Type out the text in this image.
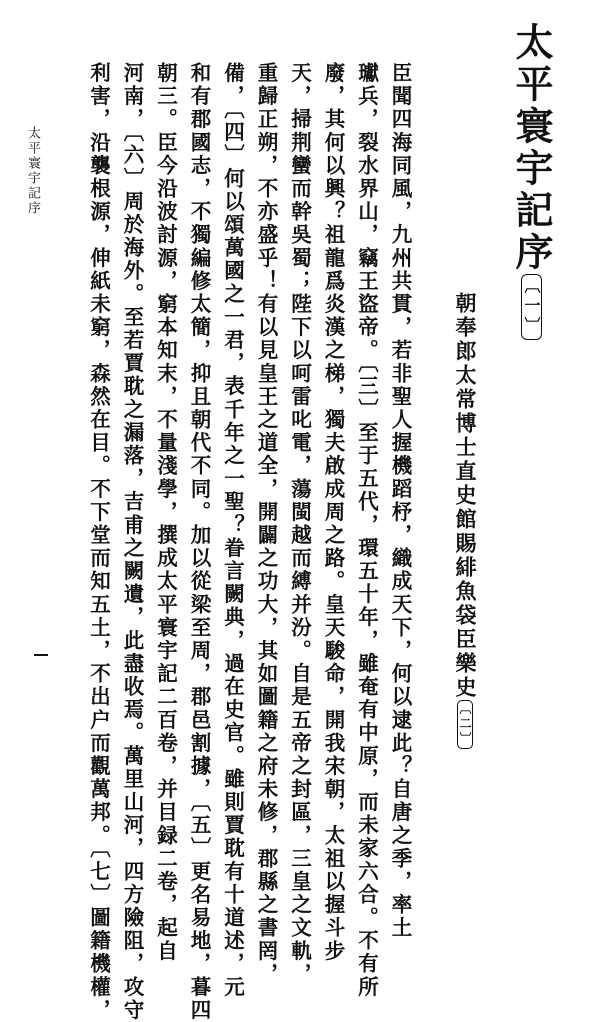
太平寰宇記序〔一〕
朝奉郎太常博士直史館賜緋魚袋臣樂史〔二〕
太平寰宇記序	臣聞四海同風，九州共貫，若非聖人握機蹈杼，織成天下，何以逮此？自唐之季，率土
瓛兵，裂水界山，竊王盜帝。〔三〕至于五代，環五十年，雖奄有中原，而未家六合。不有所
廢，其何以興？祖龍爲炎漢之梯，獨夫啟成周之路。皇天駿命，開我宋朝，太祖以握斗步
天，掃荆蠻而幹吳蜀；陛下以呵雷叱電，蕩閩越而縛并汾。自是五帝之封區，三皇之文軌，
重歸正朔，不亦盛乎！有以見皇王之道全，開闢之功大，其如圖籍之府未修，郡縣之書罔，
備，〔四〕何以頌萬國之一君，表千年之一聖？眷言闕典，過在史官。雖則賈耽有十道述，元
和有郡國志，不獨編修太簡，抑且朝代不同。加以從梁至周，郡邑割據，〔五〕更名易地，暮四
朝三。臣今沿波討源，窮本知末，不量淺學，撰成太平寰宇記二百卷，并目録二卷，起自
河南，〔六〕周於海外。至若賈耽之漏落，吉甫之闕遺，此盡收焉。萬里山河，四方險阻，攻守
利害，沿襲根源，伸紙未窮，森然在目。不下堂而知五土，不出户而觀萬邦。〔七〕圖籍機權，
